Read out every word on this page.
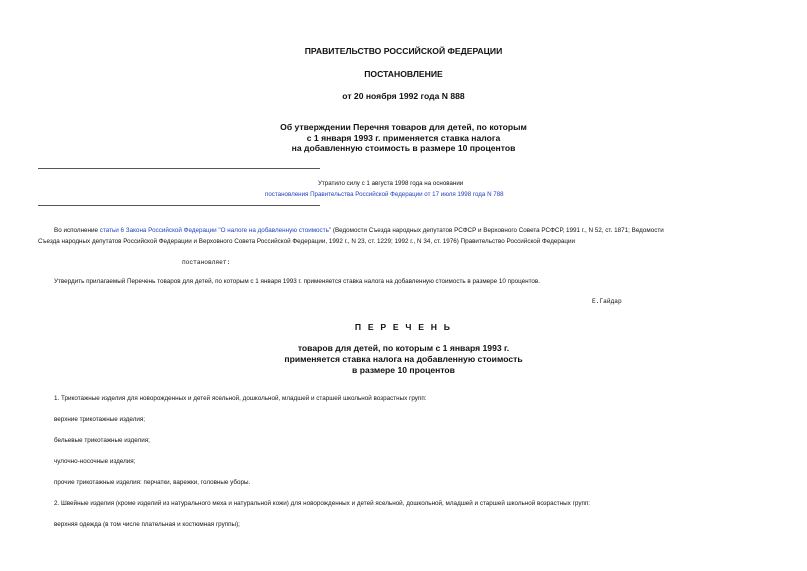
ПРАВИТЕЛЬСТВО РОССИЙСКОЙ ФЕДЕРАЦИИ
ПОСТАНОВЛЕНИЕ
от 20 ноября 1992 года N 888
Об утверждении Перечня товаров для детей, по которым
с 1 января 1993 г. применяется ставка налога
на добавленную стоимость в размере 10 процентов
Утратило силу с 1 августа 1998 года на основании
постановления Правительства Российской Федерации от 17 июля 1998 года N 788
Во исполнение статьи 6 Закона Российской Федерации "О налоге на добавленную стоимость" (Ведомости Съезда народных депутатов РСФСР и Верховного Совета РСФСР, 1991 г., N 52, ст. 1871; Ведомости
Съезда народных депутатов Российской Федерации и Верховного Совета Российской Федерации, 1992 г., N 23, ст. 1229; 1992 г., N 34, ст. 1976) Правительство Российской Федерации
постановляет:
Утвердить прилагаемый Перечень товаров для детей, по которым с 1 января 1993 г. применяется ставка налога на добавленную стоимость в размере 10 процентов.
Е.Гайдар
П Е Р Е Ч Е Н Ь
товаров для детей, по которым с 1 января 1993 г.
применяется ставка налога на добавленную стоимость
в размере 10 процентов
1. Трикотажные изделия для новорожденных и детей ясельной, дошкольной, младшей и старшей школьной возрастных групп:
верхние трикотажные изделия;
бельевые трикотажные изделия;
чулочно-носочные изделия;
прочие трикотажные изделия: перчатки, варежки, головные уборы.
2. Швейные изделия (кроме изделий из натурального меха и натуральной кожи) для новорожденных и детей ясельной, дошкольной, младшей и старшей школьной возрастных групп:
верхняя одежда (в том числе плательная и костюмная группы);
